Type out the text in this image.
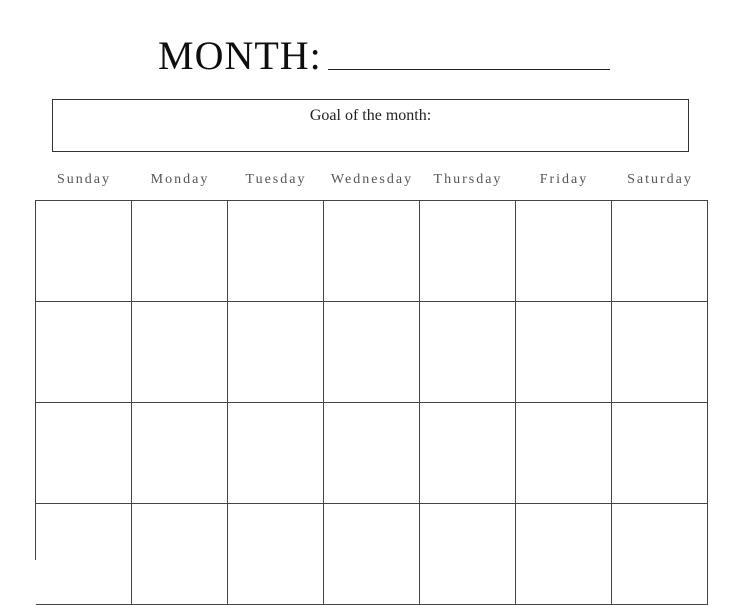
MONTH:
Goal of the month:
Sunday	Monday	Tuesday	Wednesday	Thursday	Friday	Saturday
